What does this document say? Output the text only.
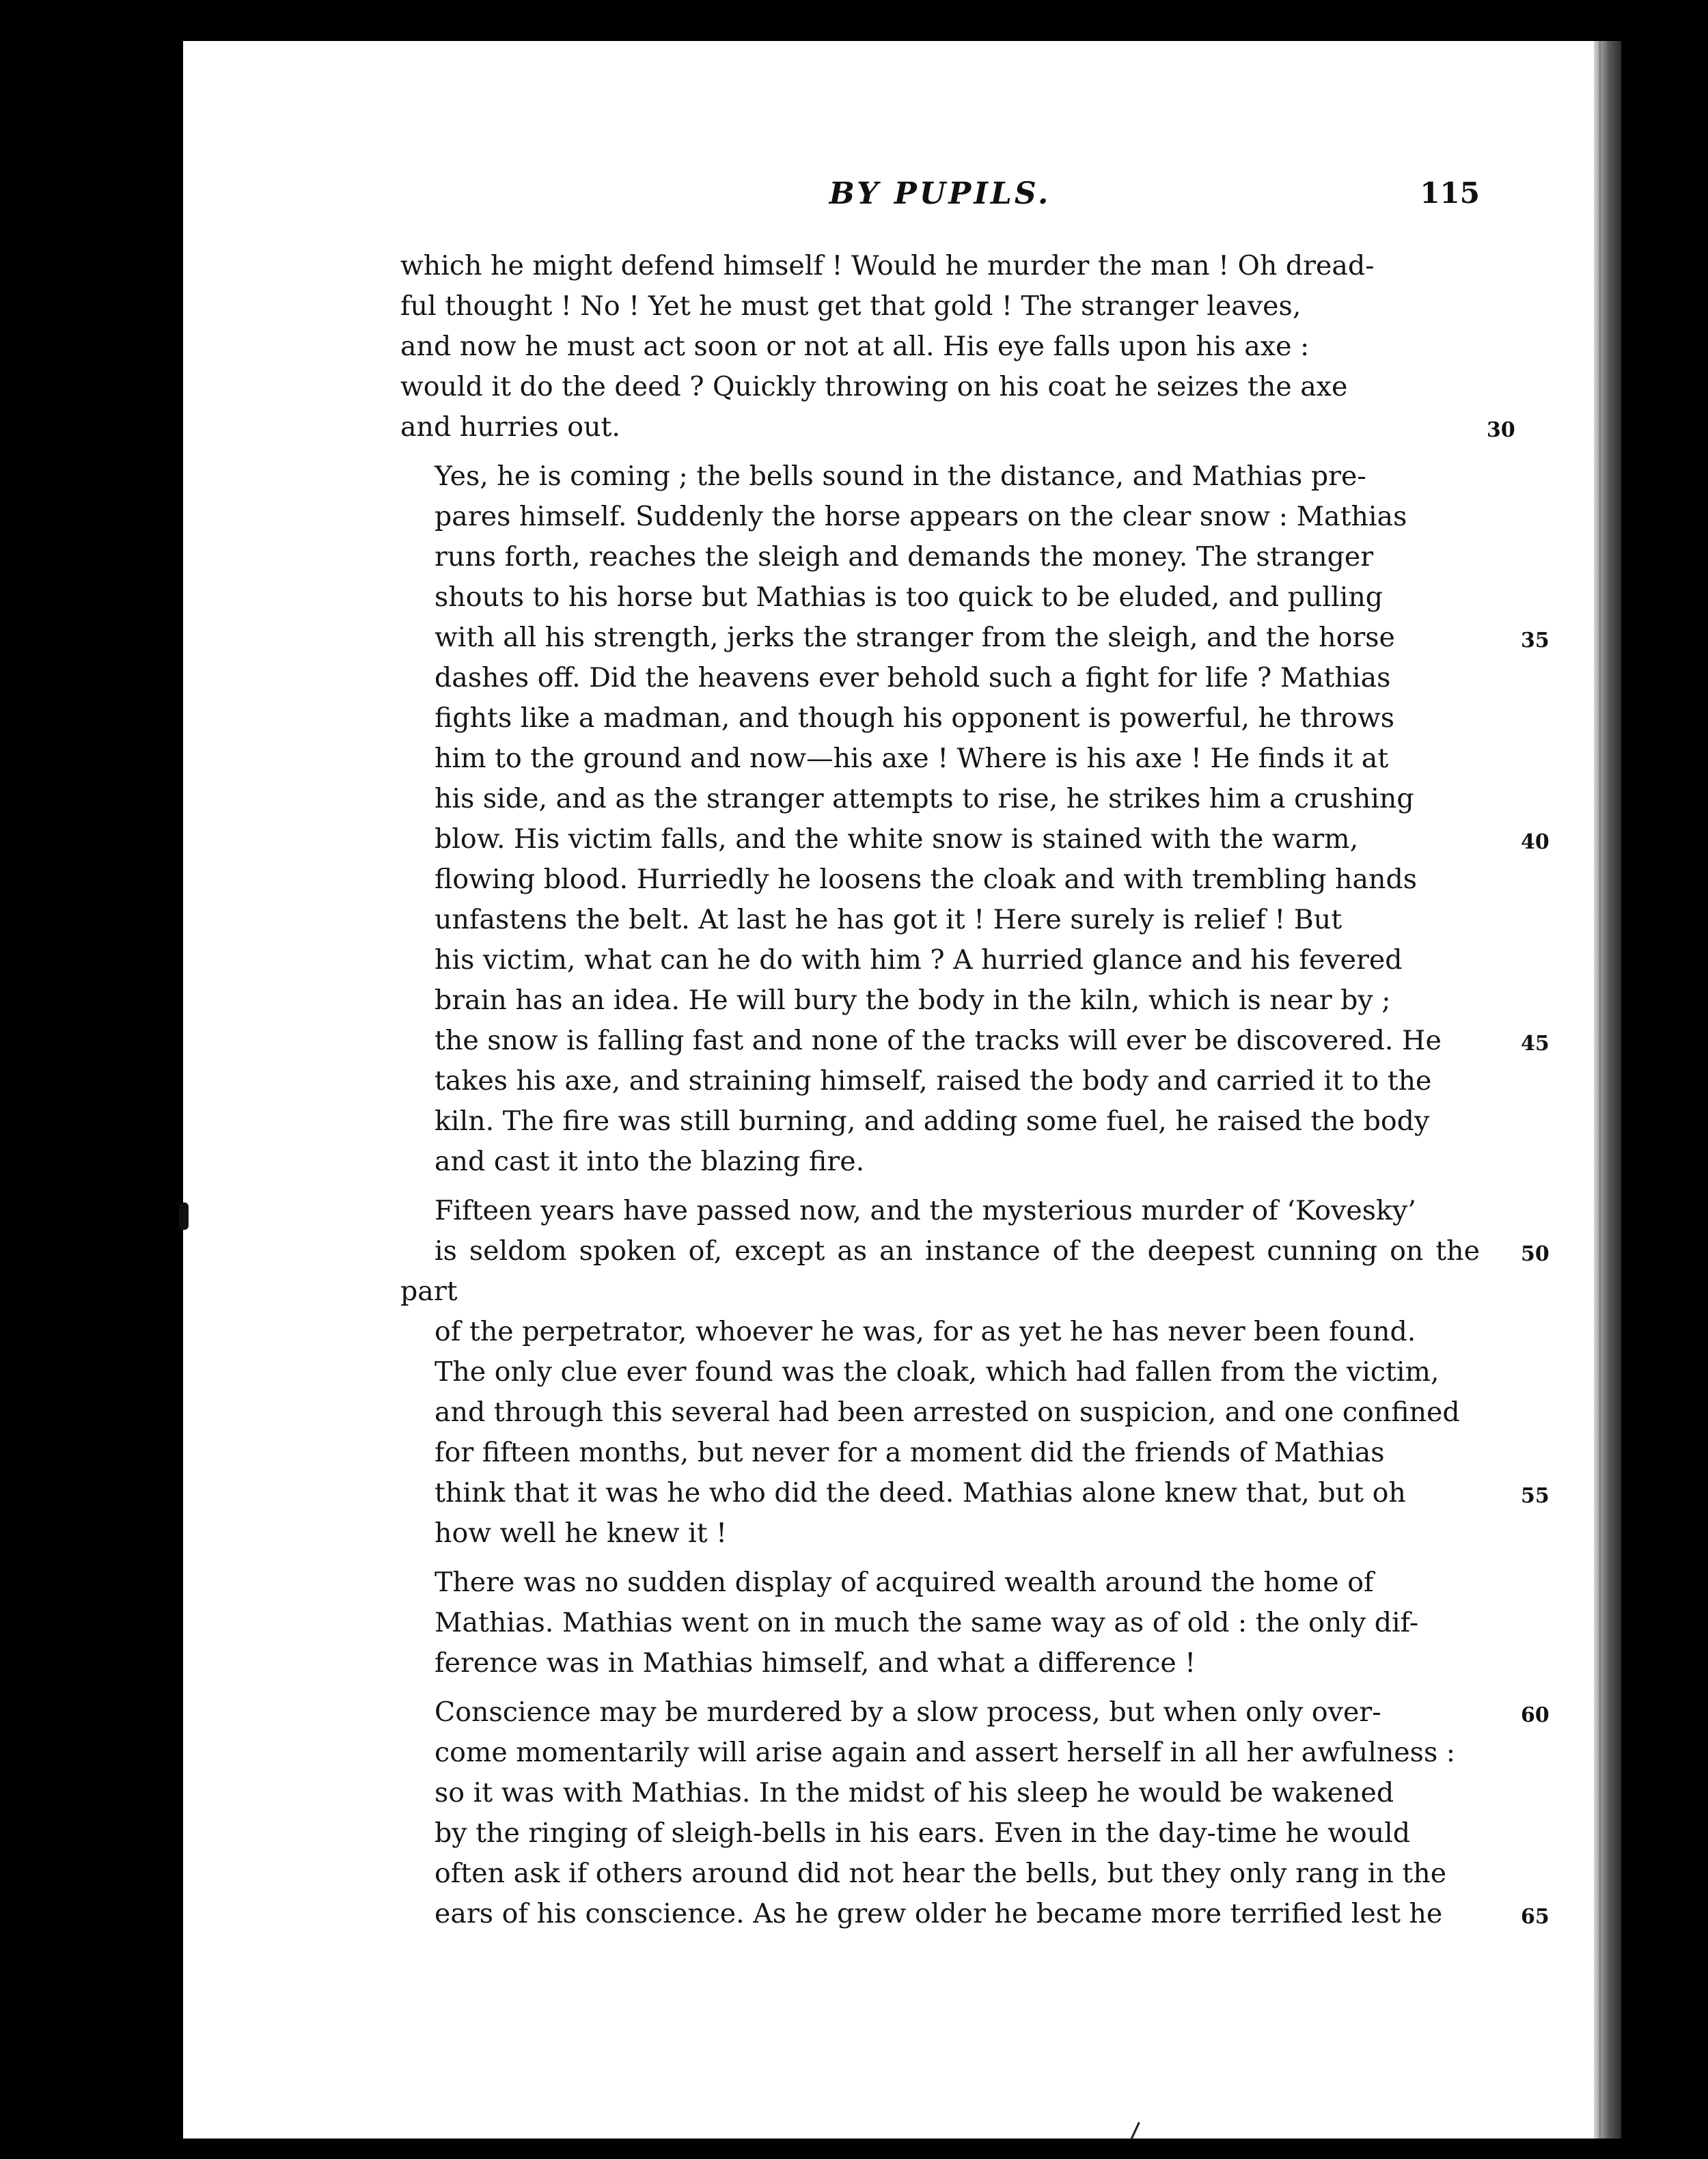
BY PUPILS.	115

which he might defend himself ! Would he murder the man ! Oh dread-
ful thought ! No ! Yet he must get that gold ! The stranger leaves,
and now he must act soon or not at all. His eye falls upon his axe :
would it do the deed ? Quickly throwing on his coat he seizes the axe
and hurries out.	30

Yes, he is coming ; the bells sound in the distance, and Mathias pre-
pares himself. Suddenly the horse appears on the clear snow : Mathias
runs forth, reaches the sleigh and demands the money. The stranger
shouts to his horse but Mathias is too quick to be eluded, and pulling
with all his strength, jerks the stranger from the sleigh, and the horse	35
dashes off. Did the heavens ever behold such a fight for life ? Mathias
fights like a madman, and though his opponent is powerful, he throws
him to the ground and now—his axe ! Where is his axe ! He finds it at
his side, and as the stranger attempts to rise, he strikes him a crushing
blow. His victim falls, and the white snow is stained with the warm,	40
flowing blood. Hurriedly he loosens the cloak and with trembling hands
unfastens the belt. At last he has got it ! Here surely is relief ! But
his victim, what can he do with him ? A hurried glance and his fevered
brain has an idea. He will bury the body in the kiln, which is near by ;
the snow is falling fast and none of the tracks will ever be discovered. He	45
takes his axe, and straining himself, raised the body and carried it to the
kiln. The fire was still burning, and adding some fuel, he raised the body
and cast it into the blazing fire.

Fifteen years have passed now, and the mysterious murder of ‘Kovesky’
is seldom spoken of, except as an instance of the deepest cunning on the part
50
of the perpetrator, whoever he was, for as yet he has never been found.
The only clue ever found was the cloak, which had fallen from the victim,
and through this several had been arrested on suspicion, and one confined
for fifteen months, but never for a moment did the friends of Mathias
think that it was he who did the deed. Mathias alone knew that, but oh	55
how well he knew it !

There was no sudden display of acquired wealth around the home of
Mathias. Mathias went on in much the same way as of old : the only dif-
ference was in Mathias himself, and what a difference !

Conscience may be murdered by a slow process, but when only over-	60
come momentarily will arise again and assert herself in all her awfulness :
so it was with Mathias. In the midst of his sleep he would be wakened
by the ringing of sleigh-bells in his ears. Even in the day-time he would
often ask if others around did not hear the bells, but they only rang in the
ears of his conscience. As he grew older he became more terrified lest he	65
